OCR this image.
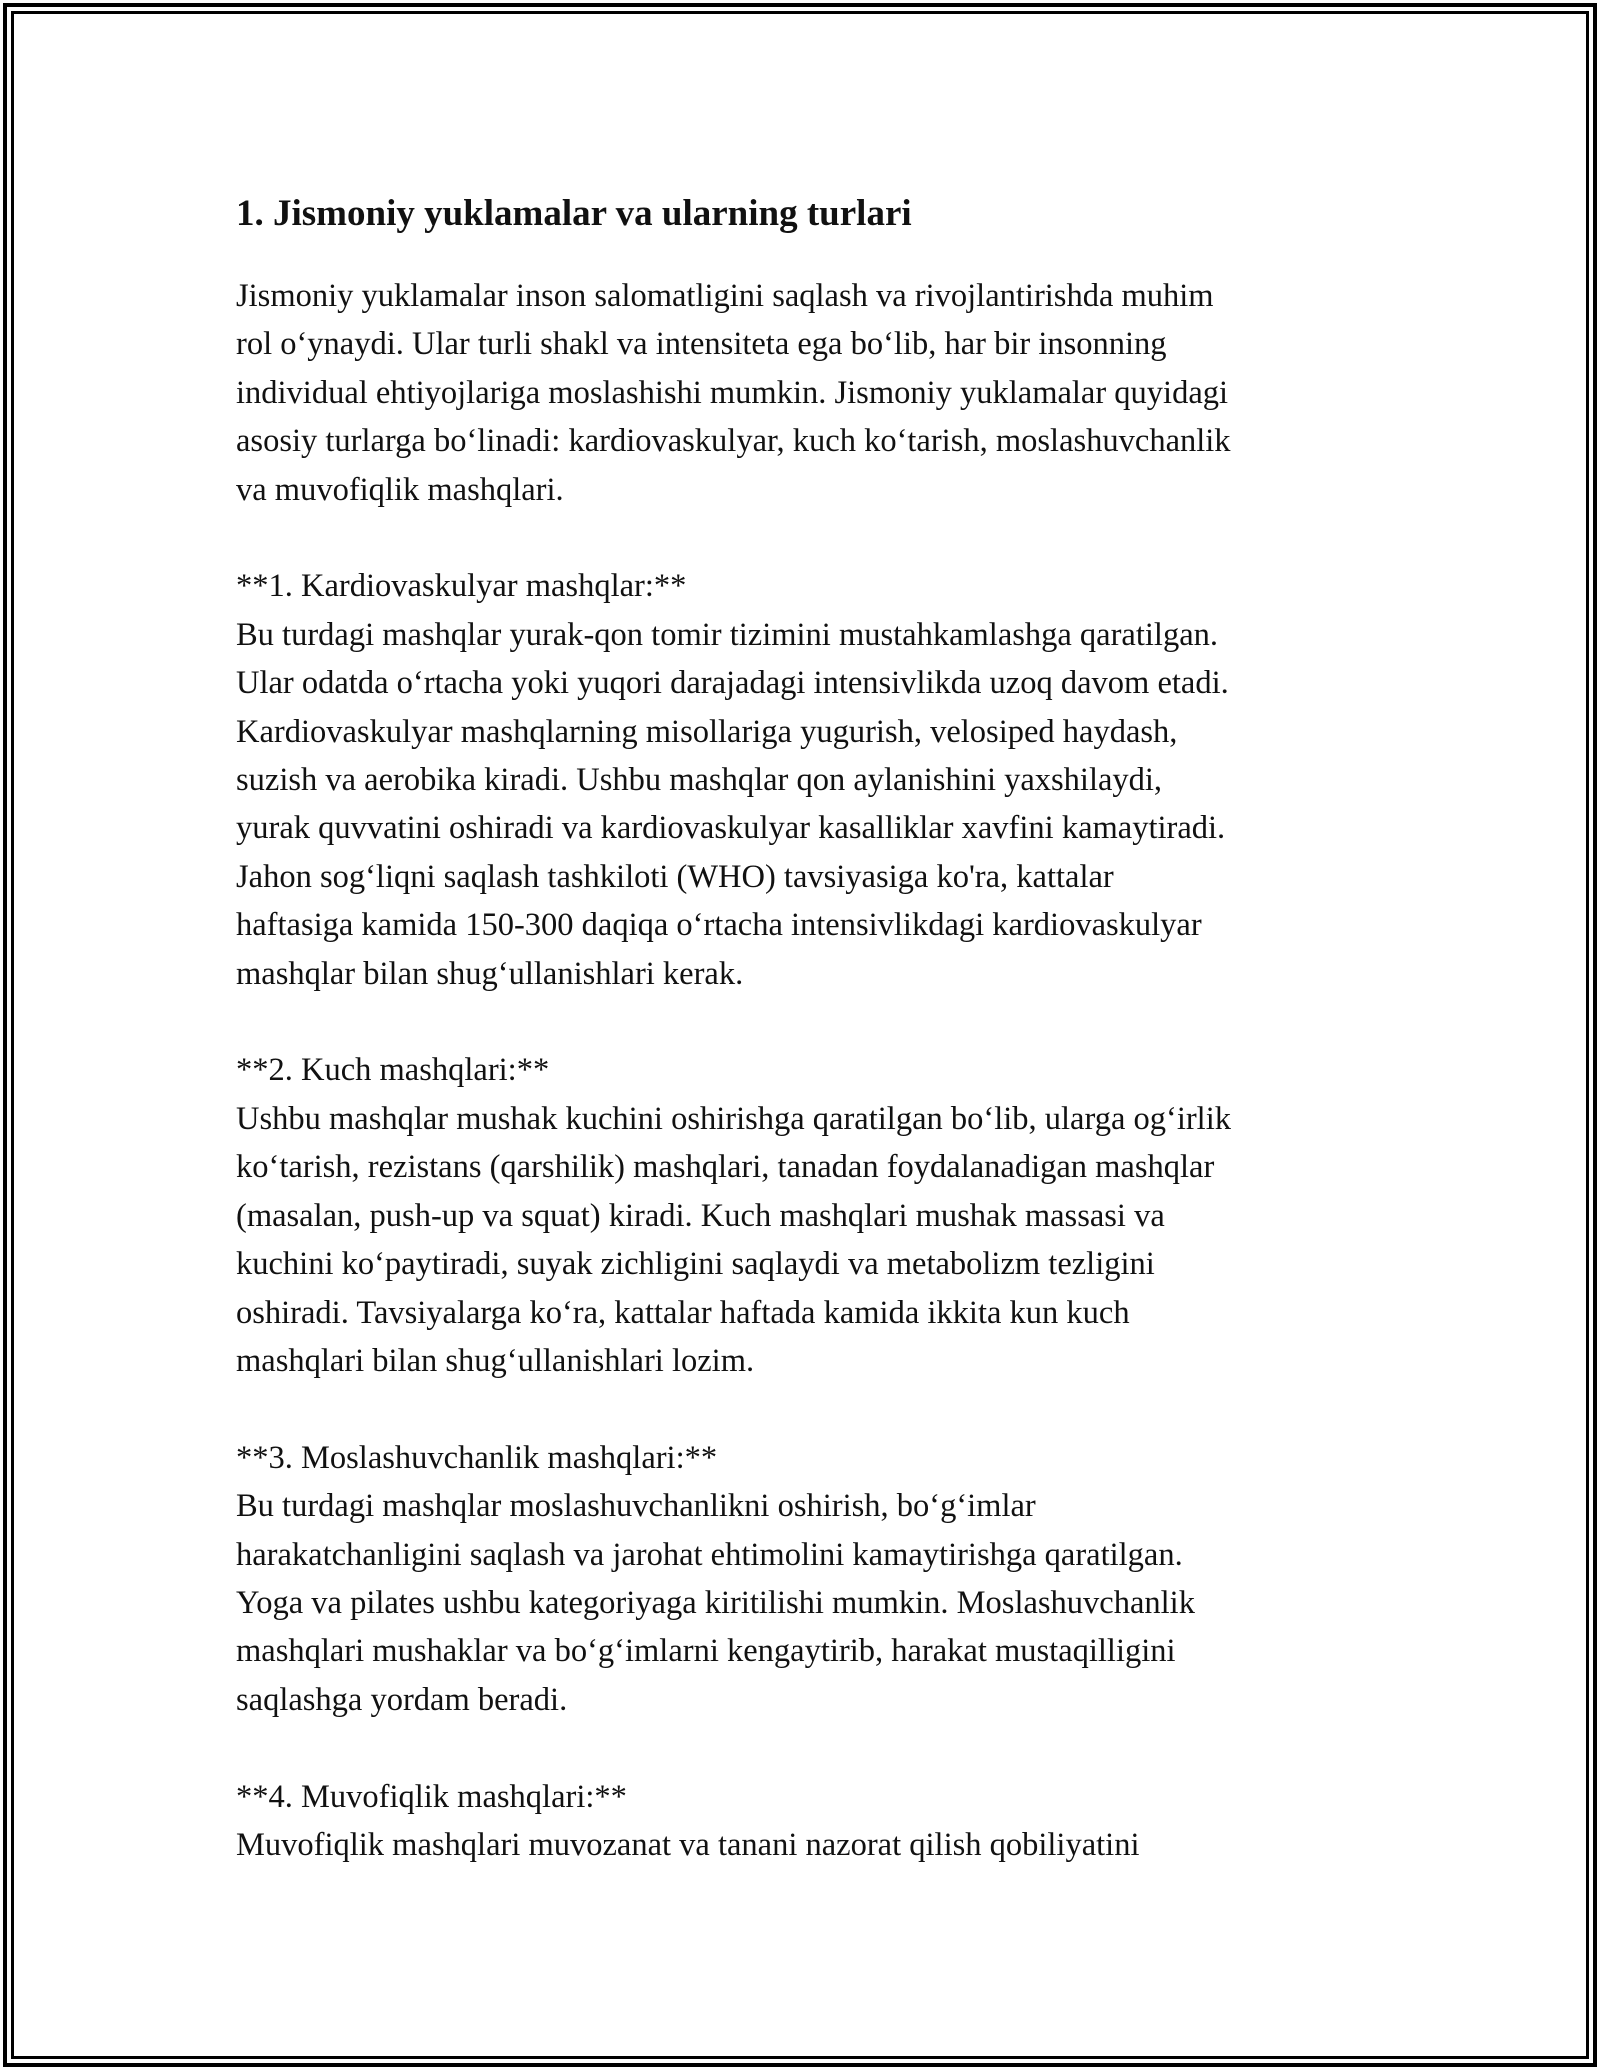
1. Jismoniy yuklamalar va ularning turlari

Jismoniy yuklamalar inson salomatligini saqlash va rivojlantirishda muhim
rol o‘ynaydi. Ular turli shakl va intensiteta ega bo‘lib, har bir insonning
individual ehtiyojlariga moslashishi mumkin. Jismoniy yuklamalar quyidagi
asosiy turlarga bo‘linadi: kardiovaskulyar, kuch ko‘tarish, moslashuvchanlik
va muvofiqlik mashqlari.

**1. Kardiovaskulyar mashqlar:**

Bu turdagi mashqlar yurak-qon tomir tizimini mustahkamlashga qaratilgan.
Ular odatda o‘rtacha yoki yuqori darajadagi intensivlikda uzoq davom etadi.
Kardiovaskulyar mashqlarning misollariga yugurish, velosiped haydash,
suzish va aerobika kiradi. Ushbu mashqlar qon aylanishini yaxshilaydi,
yurak quvvatini oshiradi va kardiovaskulyar kasalliklar xavfini kamaytiradi.
Jahon sog‘liqni saqlash tashkiloti (WHO) tavsiyasiga ko'ra, kattalar
haftasiga kamida 150-300 daqiqa o‘rtacha intensivlikdagi kardiovaskulyar
mashqlar bilan shug‘ullanishlari kerak.

**2. Kuch mashqlari:**

Ushbu mashqlar mushak kuchini oshirishga qaratilgan bo‘lib, ularga og‘irlik
ko‘tarish, rezistans (qarshilik) mashqlari, tanadan foydalanadigan mashqlar
(masalan, push-up va squat) kiradi. Kuch mashqlari mushak massasi va
kuchini ko‘paytiradi, suyak zichligini saqlaydi va metabolizm tezligini
oshiradi. Tavsiyalarga ko‘ra, kattalar haftada kamida ikkita kun kuch
mashqlari bilan shug‘ullanishlari lozim.

**3. Moslashuvchanlik mashqlari:**

Bu turdagi mashqlar moslashuvchanlikni oshirish, bo‘g‘imlar
harakatchanligini saqlash va jarohat ehtimolini kamaytirishga qaratilgan.
Yoga va pilates ushbu kategoriyaga kiritilishi mumkin. Moslashuvchanlik
mashqlari mushaklar va bo‘g‘imlarni kengaytirib, harakat mustaqilligini
saqlashga yordam beradi.

**4. Muvofiqlik mashqlari:**

Muvofiqlik mashqlari muvozanat va tanani nazorat qilish qobiliyatini
